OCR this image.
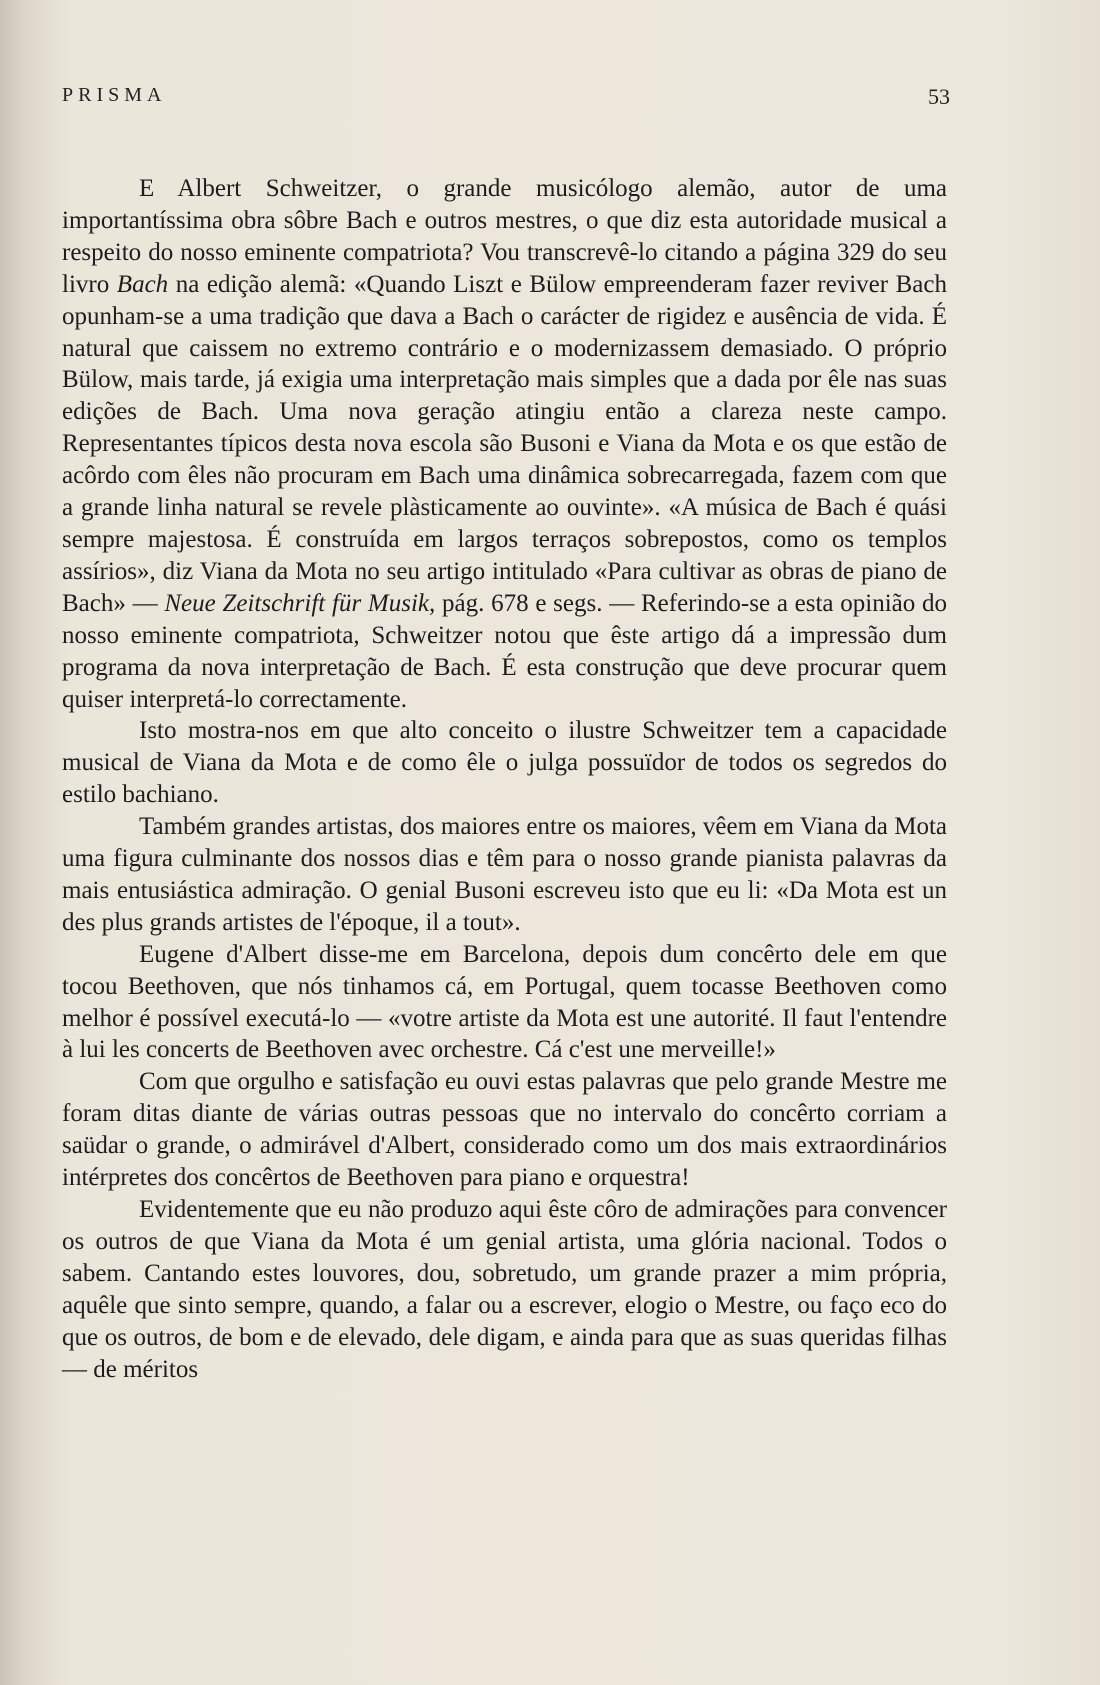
PRISMA	53

E Albert Schweitzer, o grande musicólogo alemão, autor de uma importantíssima obra sôbre Bach e outros mestres, o que diz esta autoridade musical a respeito do nosso eminente compatriota? Vou transcrevê-lo citando a página 329 do seu livro Bach na edição alemã: «Quando Liszt e Bülow empreenderam fazer reviver Bach opunham-se a uma tradição que dava a Bach o carácter de rigidez e ausência de vida. É natural que caissem no extremo contrário e o modernizassem demasiado. O próprio Bülow, mais tarde, já exigia uma interpretação mais simples que a dada por êle nas suas edições de Bach. Uma nova geração atingiu então a clareza neste campo. Representantes típicos desta nova escola são Busoni e Viana da Mota e os que estão de acôrdo com êles não procuram em Bach uma dinâmica sobrecarregada, fazem com que a grande linha natural se revele plàsticamente ao ouvinte». «A música de Bach é quási sempre majestosa. É construída em largos terraços sobrepostos, como os templos assírios», diz Viana da Mota no seu artigo intitulado «Para cultivar as obras de piano de Bach» — Neue Zeitschrift für Musik, pág. 678 e segs. — Referindo-se a esta opinião do nosso eminente compatriota, Schweitzer notou que êste artigo dá a impressão dum programa da nova interpretação de Bach. É esta construção que deve procurar quem quiser interpretá-lo correctamente.

Isto mostra-nos em que alto conceito o ilustre Schweitzer tem a capacidade musical de Viana da Mota e de como êle o julga possuïdor de todos os segredos do estilo bachiano.

Também grandes artistas, dos maiores entre os maiores, vêem em Viana da Mota uma figura culminante dos nossos dias e têm para o nosso grande pianista palavras da mais entusiástica admiração. O genial Busoni escreveu isto que eu li: «Da Mota est un des plus grands artistes de l'époque, il a tout».

Eugene d'Albert disse-me em Barcelona, depois dum concêrto dele em que tocou Beethoven, que nós tinhamos cá, em Portugal, quem tocasse Beethoven como melhor é possível executá-lo — «votre artiste da Mota est une autorité. Il faut l'entendre à lui les concerts de Beethoven avec orchestre. Cá c'est une merveille!»

Com que orgulho e satisfação eu ouvi estas palavras que pelo grande Mestre me foram ditas diante de várias outras pessoas que no intervalo do concêrto corriam a saüdar o grande, o admirável d'Albert, considerado como um dos mais extraordinários intérpretes dos concêrtos de Beethoven para piano e orquestra!

Evidentemente que eu não produzo aqui êste côro de admirações para convencer os outros de que Viana da Mota é um genial artista, uma glória nacional. Todos o sabem. Cantando estes louvores, dou, sobretudo, um grande prazer a mim própria, aquêle que sinto sempre, quando, a falar ou a escrever, elogio o Mestre, ou faço eco do que os outros, de bom e de elevado, dele digam, e ainda para que as suas queridas filhas — de méritos
